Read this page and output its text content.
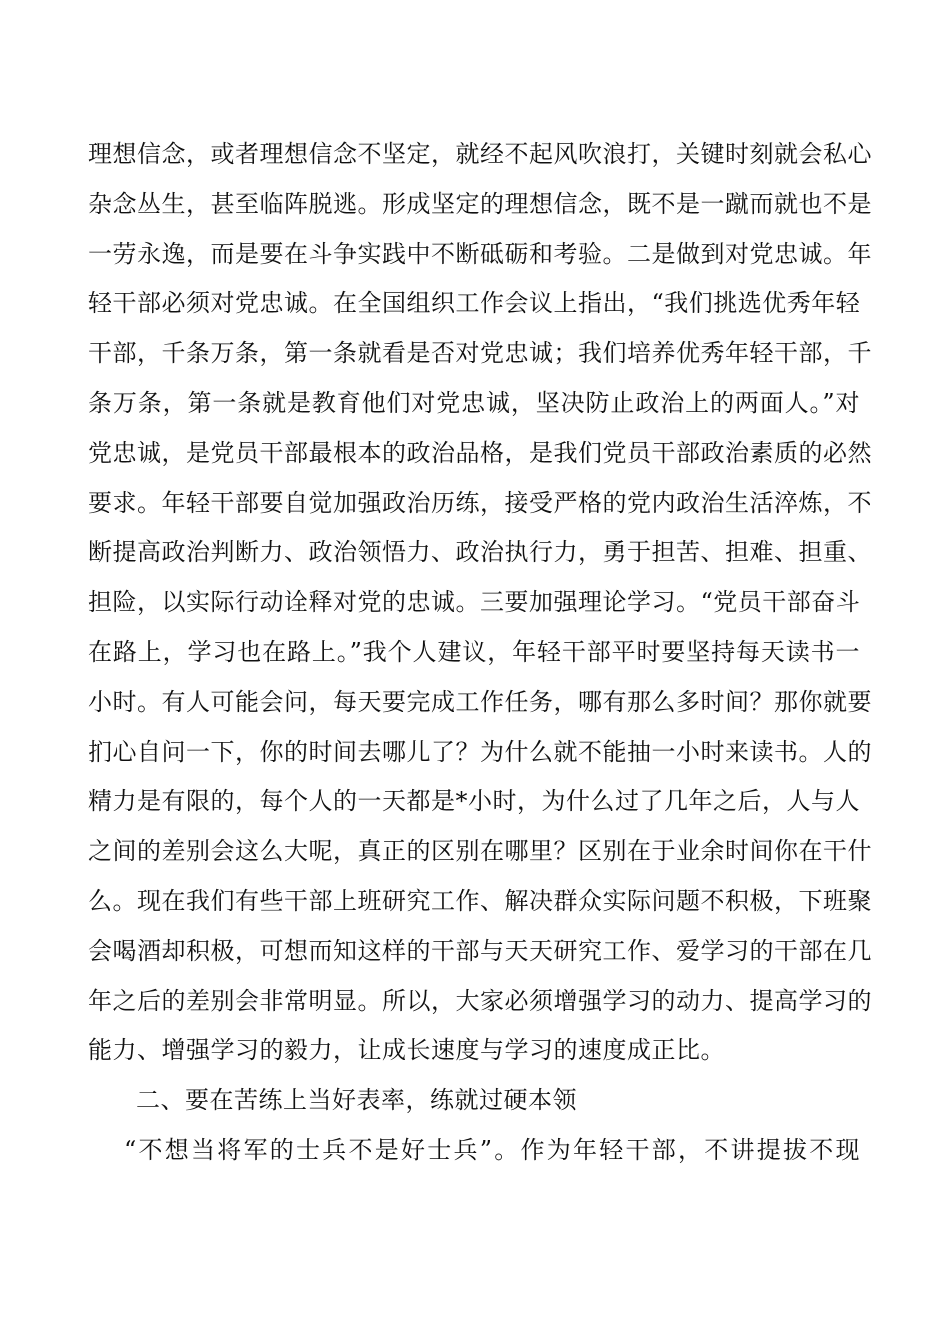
理想信念，或者理想信念不坚定，就经不起风吹浪打，关键时刻就会私心
杂念丛生，甚至临阵脱逃。形成坚定的理想信念，既不是一蹴而就也不是
一劳永逸，而是要在斗争实践中不断砥砺和考验。二是做到对党忠诚。年
轻干部必须对党忠诚。在全国组织工作会议上指出，“我们挑选优秀年轻
干部，千条万条，第一条就看是否对党忠诚；我们培养优秀年轻干部，千
条万条，第一条就是教育他们对党忠诚，坚决防止政治上的两面人。”对
党忠诚，是党员干部最根本的政治品格，是我们党员干部政治素质的必然
要求。年轻干部要自觉加强政治历练，接受严格的党内政治生活淬炼，不
断提高政治判断力、政治领悟力、政治执行力，勇于担苦、担难、担重、
担险，以实际行动诠释对党的忠诚。三要加强理论学习。“党员干部奋斗
在路上，学习也在路上。”我个人建议，年轻干部平时要坚持每天读书一
小时。有人可能会问，每天要完成工作任务，哪有那么多时间？那你就要
扪心自问一下，你的时间去哪儿了？为什么就不能抽一小时来读书。人的
精力是有限的，每个人的一天都是*小时，为什么过了几年之后，人与人
之间的差别会这么大呢，真正的区别在哪里？区别在于业余时间你在干什
么。现在我们有些干部上班研究工作、解决群众实际问题不积极，下班聚
会喝酒却积极，可想而知这样的干部与天天研究工作、爱学习的干部在几
年之后的差别会非常明显。所以，大家必须增强学习的动力、提高学习的
能力、增强学习的毅力，让成长速度与学习的速度成正比。
二、要在苦练上当好表率，练就过硬本领
“不想当将军的士兵不是好士兵”。作为年轻干部，不讲提拔不现
